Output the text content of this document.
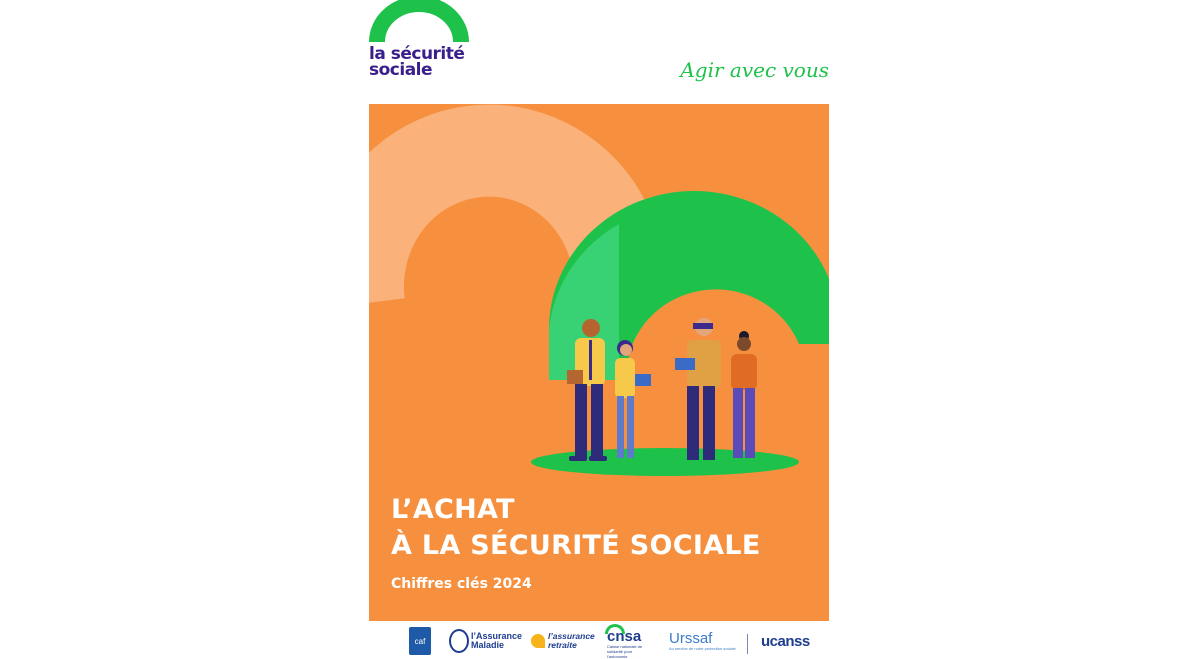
la sécurité
sociale	Agir avec vous
L’ACHAT
À LA SÉCURITÉ SOCIALE
Chiffres clés 2024
caf	l’Assurance
Maladie
l’assurance
retraite
cnsa
Caisse nationale de solidarité pour l’autonomie
Urssaf
Au service de notre protection sociale ucanss
